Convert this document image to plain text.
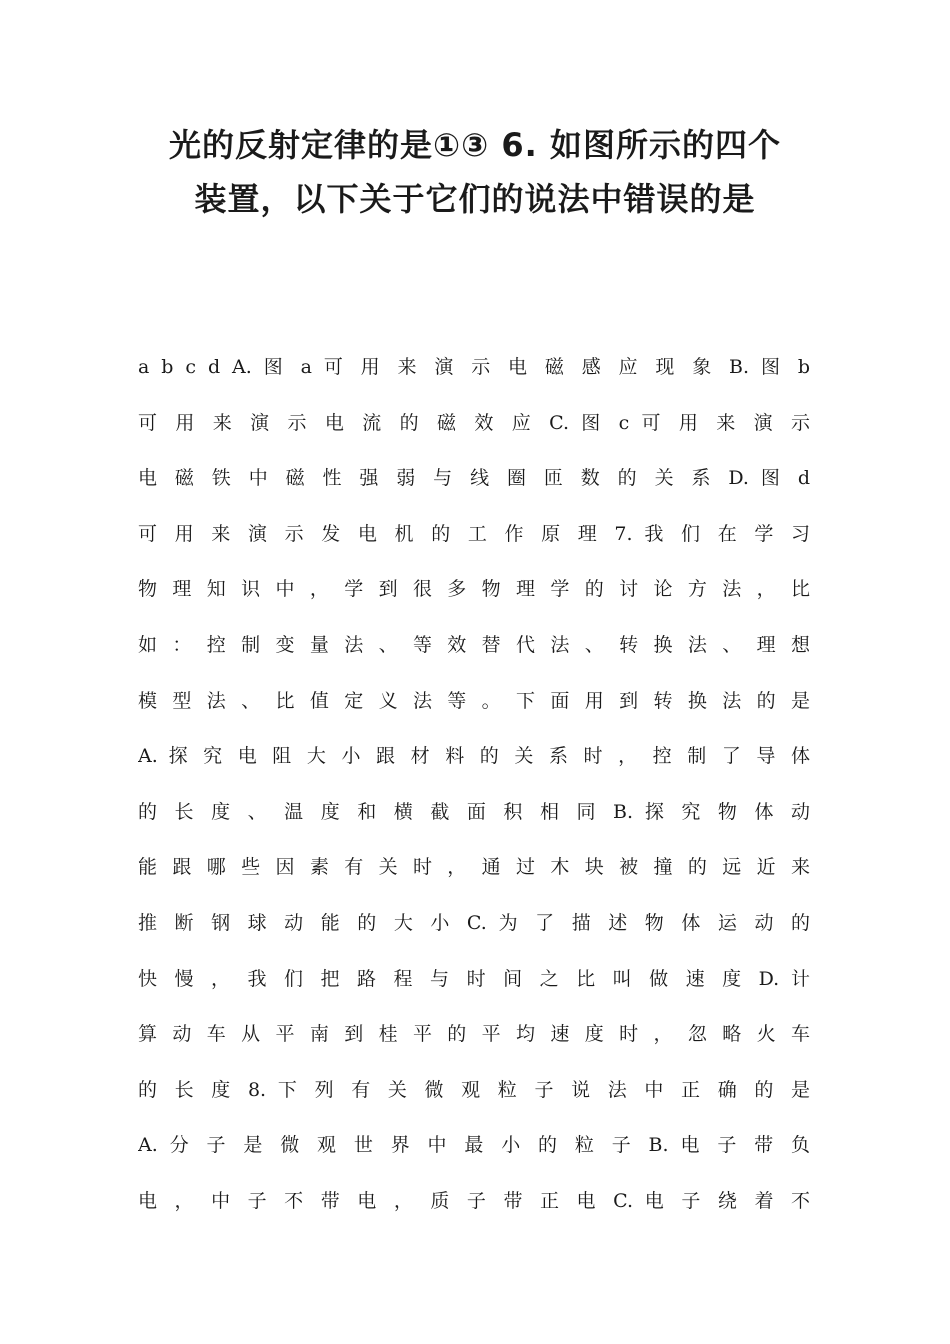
光的反射定律的是①③ 6. 如图所示的四个
装置，以下关于它们的说法中错误的是
a b c d A. 图 a 可 用 来 演 示 电 磁 感 应 现 象 B. 图 b
可 用 来 演 示 电 流 的 磁 效 应 C. 图 c 可 用 来 演 示
电 磁 铁 中 磁 性 强 弱 与 线 圈 匝 数 的 关 系 D. 图 d
可 用 来 演 示 发 电 机 的 工 作 原 理 7. 我 们 在 学 习
物 理 知 识 中 ， 学 到 很 多 物 理 学 的 讨 论 方 法 ， 比
如 ： 控 制 变 量 法 、 等 效 替 代 法 、 转 换 法 、 理 想
模 型 法 、 比 值 定 义 法 等 。 下 面 用 到 转 换 法 的 是
A. 探 究 电 阻 大 小 跟 材 料 的 关 系 时 ， 控 制 了 导 体
的 长 度 、 温 度 和 横 截 面 积 相 同 B. 探 究 物 体 动
能 跟 哪 些 因 素 有 关 时 ， 通 过 木 块 被 撞 的 远 近 来
推 断 钢 球 动 能 的 大 小 C. 为 了 描 述 物 体 运 动 的
快 慢 ， 我 们 把 路 程 与 时 间 之 比 叫 做 速 度 D. 计
算 动 车 从 平 南 到 桂 平 的 平 均 速 度 时 ， 忽 略 火 车
的 长 度 8. 下 列 有 关 微 观 粒 子 说 法 中 正 确 的 是
A. 分 子 是 微 观 世 界 中 最 小 的 粒 子 B. 电 子 带 负
电 ， 中 子 不 带 电 ， 质 子 带 正 电 C. 电 子 绕 着 不
